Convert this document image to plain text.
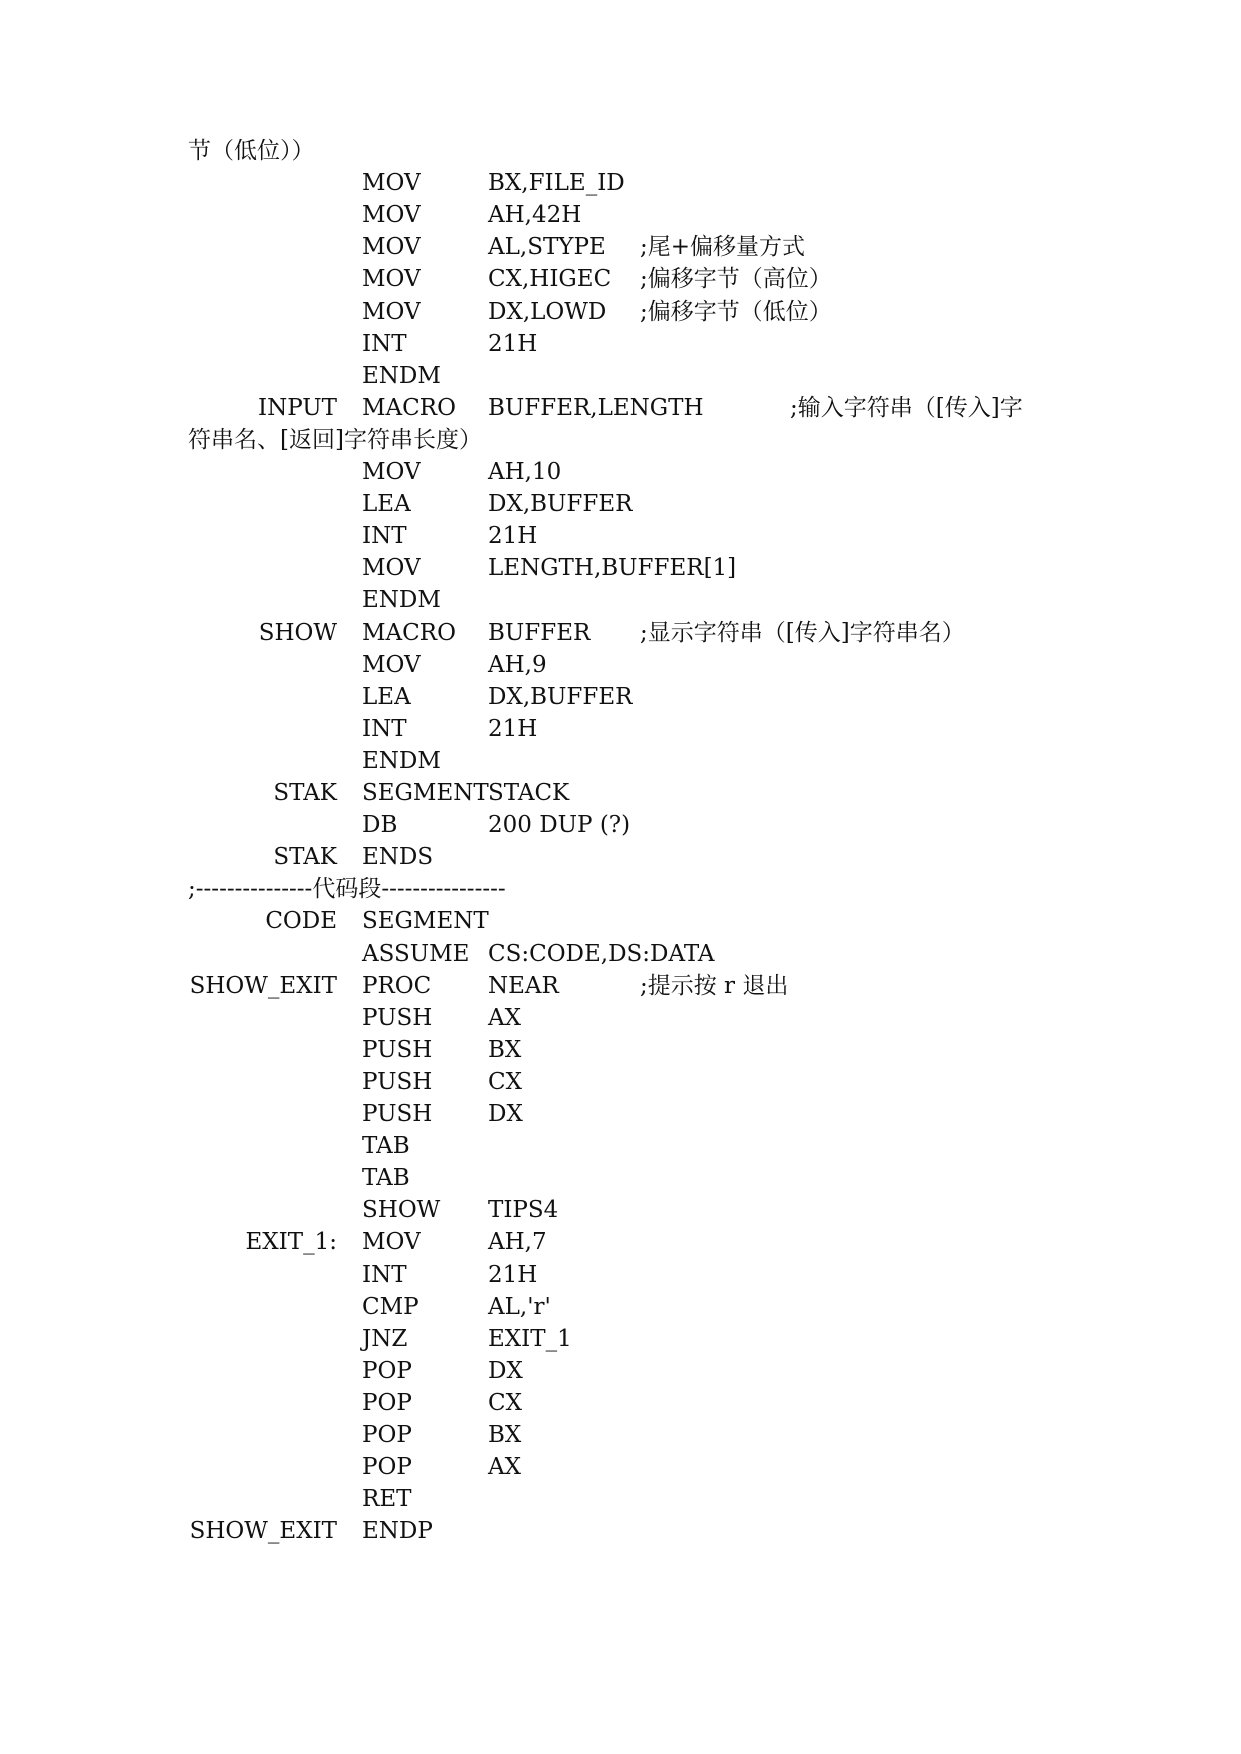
节（低位））
MOV	BX,FILE_ID
MOV	AH,42H
MOV	AL,STYPE ;尾+偏移量方式
MOV	CX,HIGEC ;偏移字节（高位）
MOV	DX,LOWD ;偏移字节（低位）
INT	21H
ENDM
INPUT MACRO BUFFER,LENGTH	;输入字符串（[传入]字
符串名、[返回]字符串长度）
MOV	AH,10
LEA	DX,BUFFER
INT	21H
MOV	LENGTH,BUFFER[1]
ENDM
SHOW MACRO BUFFER ;显示字符串（[传入]字符串名）
MOV	AH,9
LEA	DX,BUFFER
INT	21H
ENDM
STAK SEGMENT STACK
DB	200 DUP (?)
STAK ENDS
;---------------代码段----------------
CODE SEGMENT
ASSUME CS:CODE,DS:DATA
SHOW_EXIT PROC NEAR	;提示按 r 退出
PUSH AX
PUSH BX
PUSH CX
PUSH DX
TAB
TAB
SHOW TIPS4
EXIT_1: MOV	AH,7
INT	21H
CMP	AL,'r'
JNZ	EXIT_1
POP	DX
POP	CX
POP	BX
POP	AX
RET
SHOW_EXIT ENDP
